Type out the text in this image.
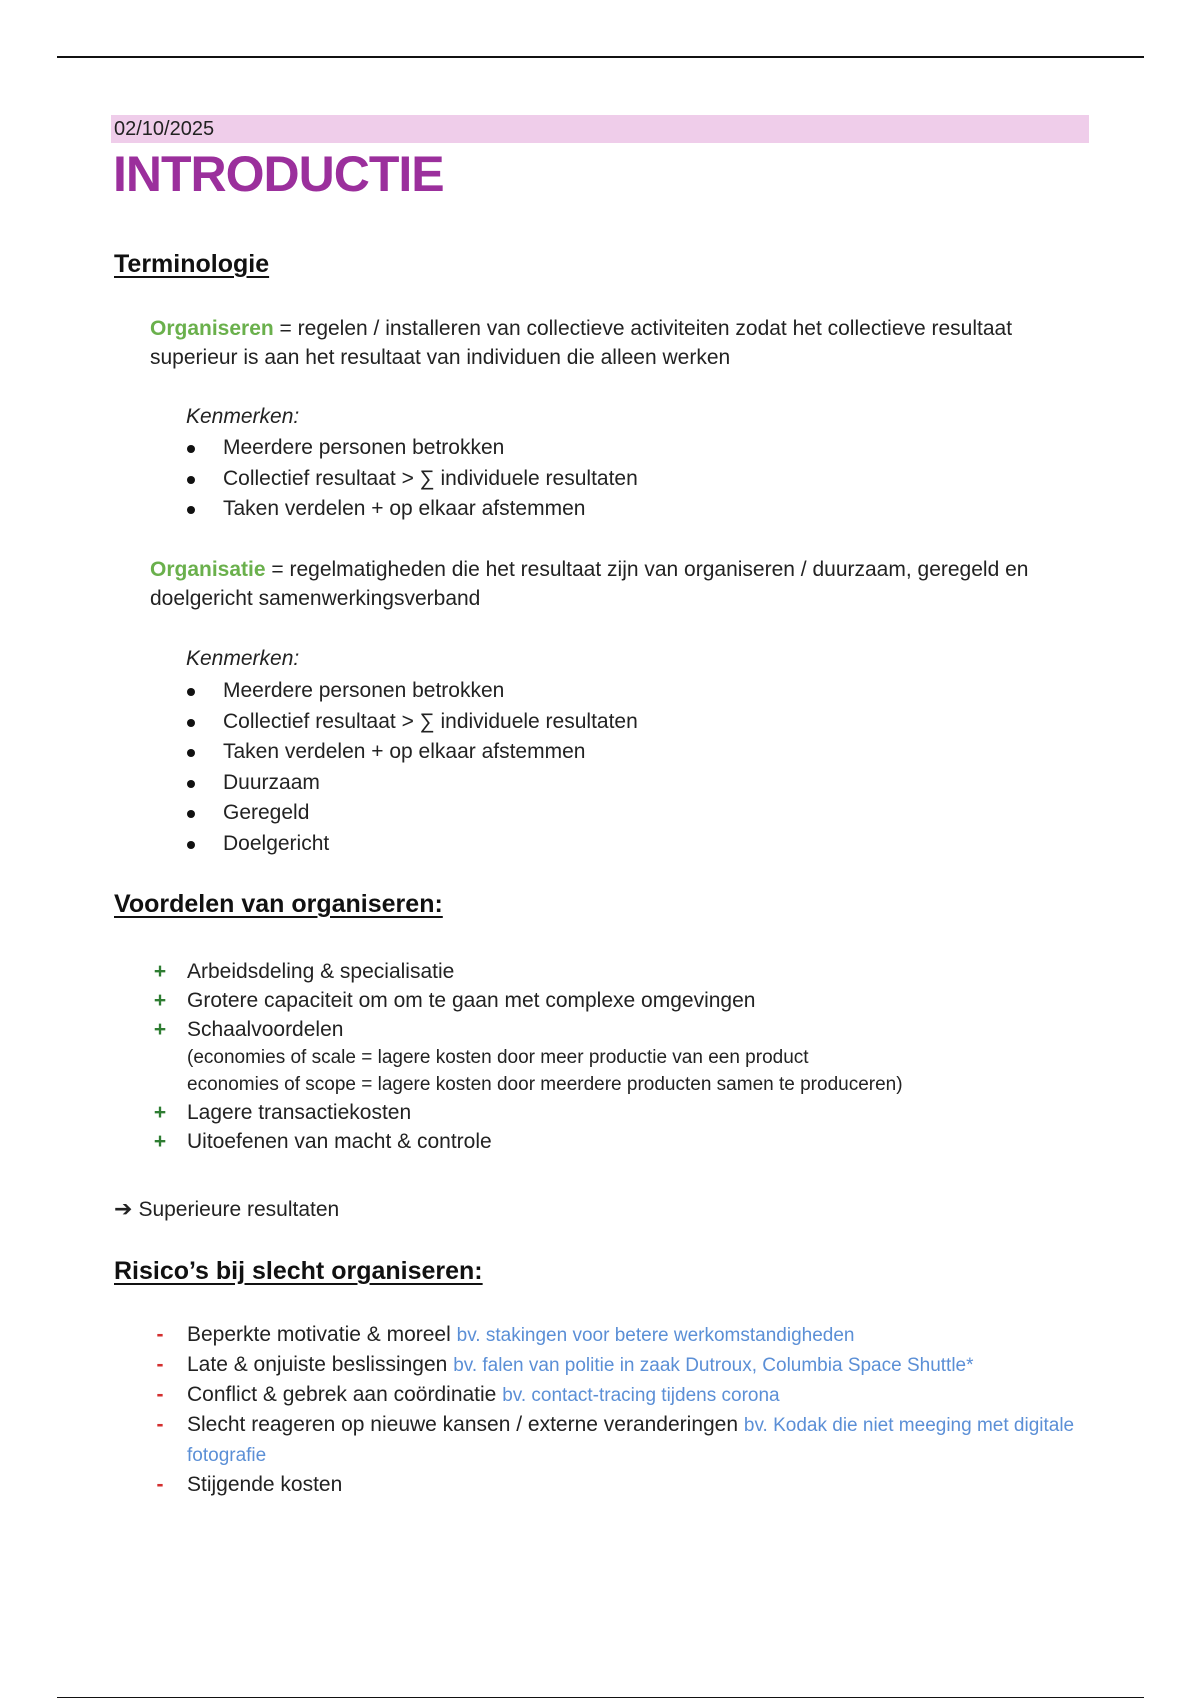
02/10/2025
INTRODUCTIE
Terminologie

Organiseren = regelen / installeren van collectieve activiteiten zodat het collectieve resultaat superieur is aan het resultaat van individuen die alleen werken

Kenmerken:

Meerdere personen betrokken
Collectief resultaat > ∑ individuele resultaten
Taken verdelen + op elkaar afstemmen

Organisatie = regelmatigheden die het resultaat zijn van organiseren / duurzaam, geregeld en doelgericht samenwerkingsverband

Kenmerken:

Meerdere personen betrokken
Collectief resultaat > ∑ individuele resultaten
Taken verdelen + op elkaar afstemmen
Duurzaam
Geregeld
Doelgericht
Voordelen van organiseren:
+ Arbeidsdeling & specialisatie
+ Grotere capaciteit om om te gaan met complexe omgevingen
+ Schaalvoordelen
(economies of scale = lagere kosten door meer productie van een product
economies of scope = lagere kosten door meerdere producten samen te produceren)
+ Lagere transactiekosten
+ Uitoefenen van macht & controle

➔ Superieure resultaten

Risico’s bij slecht organiseren:
-	Beperkte motivatie & moreel bv. stakingen voor betere werkomstandigheden
-	Late & onjuiste beslissingen bv. falen van politie in zaak Dutroux, Columbia Space Shuttle*
-	Conflict & gebrek aan coördinatie bv. contact-tracing tijdens corona
-	Slecht reageren op nieuwe kansen / externe veranderingen bv. Kodak die niet meeging met digitale fotografie
-	Stijgende kosten
